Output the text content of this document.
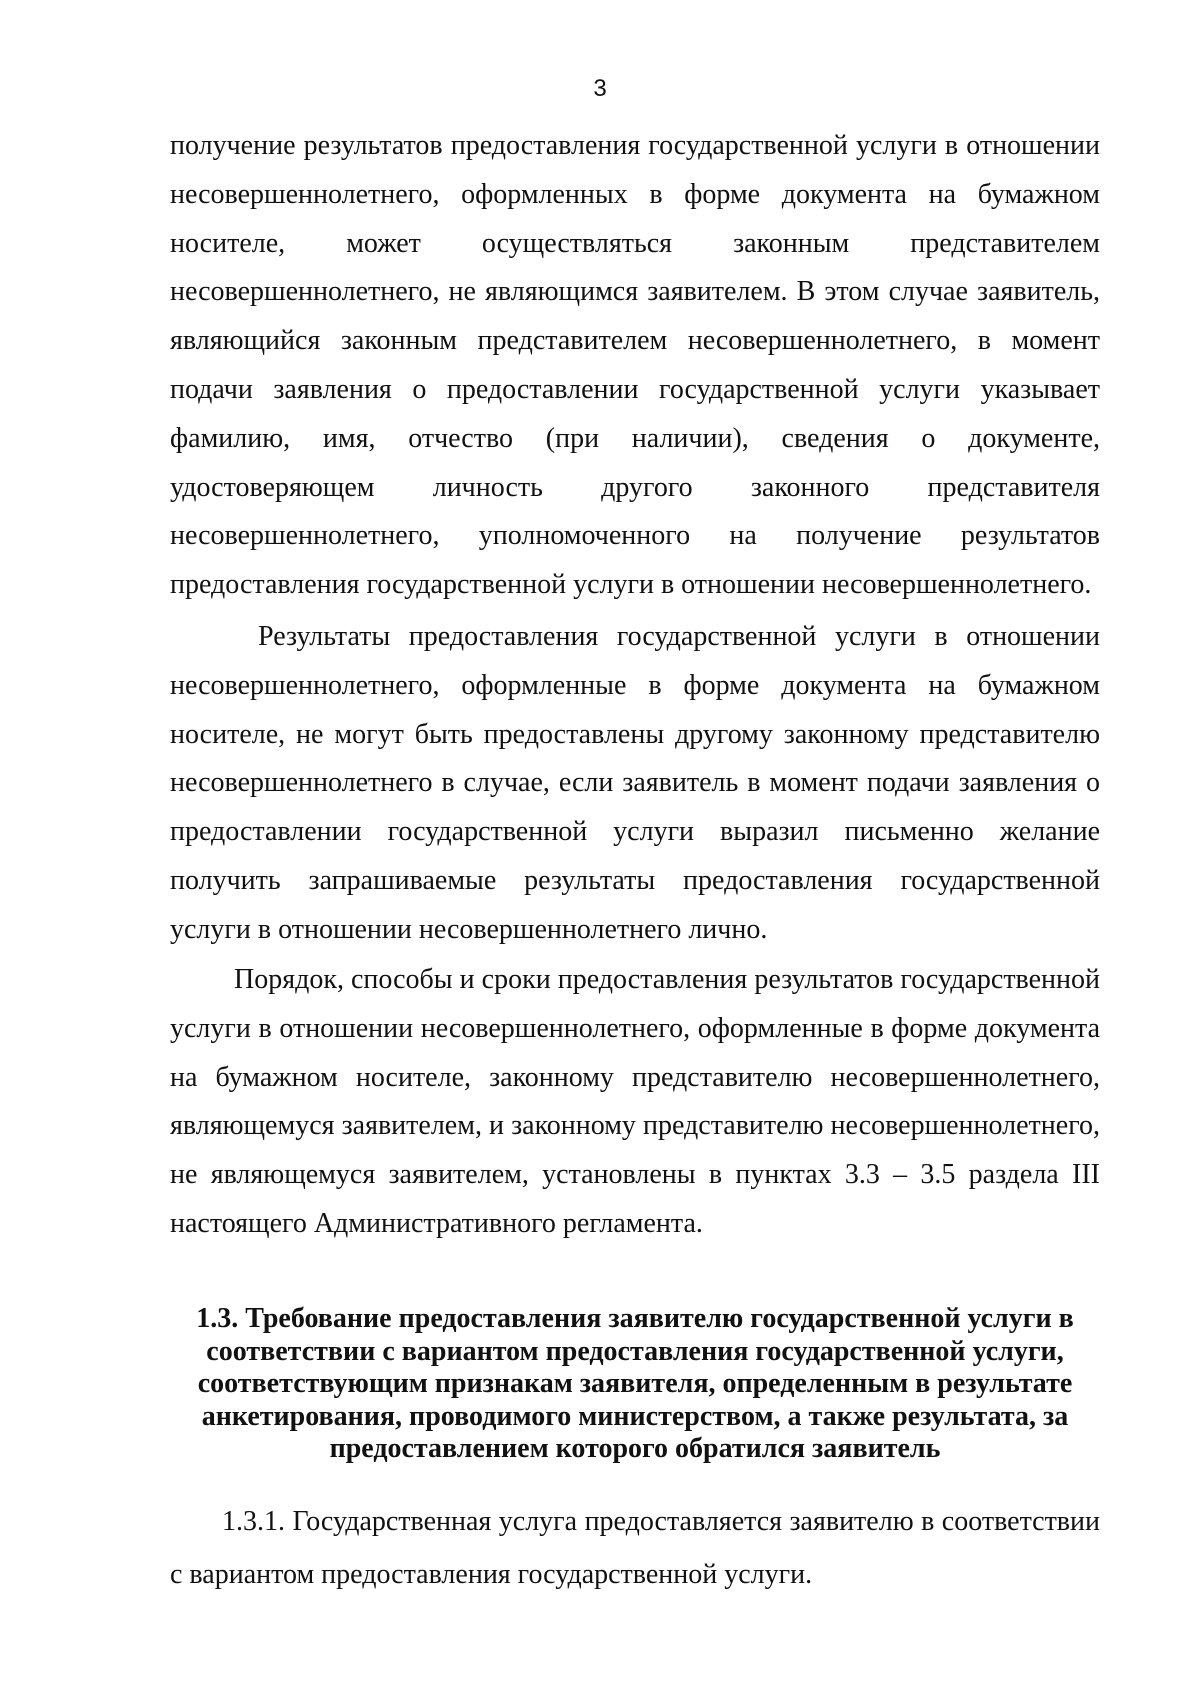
3

получение результатов предоставления государственной услуги в отношении несовершеннолетнего, оформленных в форме документа на бумажном носителе, может осуществляться законным представителем несовершеннолетнего, не являющимся заявителем. В этом случае заявитель, являющийся законным представителем несовершеннолетнего, в момент подачи заявления о предоставлении государственной услуги указывает фамилию, имя, отчество (при наличии), сведения о документе, удостоверяющем личность другого законного представителя несовершеннолетнего, уполномоченного на получение результатов предоставления государственной услуги в отношении несовершеннолетнего.

Результаты предоставления государственной услуги в отношении несовершеннолетнего, оформленные в форме документа на бумажном носителе, не могут быть предоставлены другому законному представителю несовершеннолетнего в случае, если заявитель в момент подачи заявления о предоставлении государственной услуги выразил письменно желание получить запрашиваемые результаты предоставления государственной услуги в отношении несовершеннолетнего лично.

Порядок, способы и сроки предоставления результатов государственной услуги в отношении несовершеннолетнего, оформленные в форме документа на бумажном носителе, законному представителю несовершеннолетнего, являющемуся заявителем, и законному представителю несовершеннолетнего, не являющемуся заявителем, установлены в пунктах 3.3 – 3.5 раздела III настоящего Административного регламента.

1.3. Требование предоставления заявителю государственной услуги в соответствии с вариантом предоставления государственной услуги, соответствующим признакам заявителя, определенным в результате анкетирования, проводимого министерством, а также результата, за предоставлением которого обратился заявитель

1.3.1. Государственная услуга предоставляется заявителю в соответствии с вариантом предоставления государственной услуги.
